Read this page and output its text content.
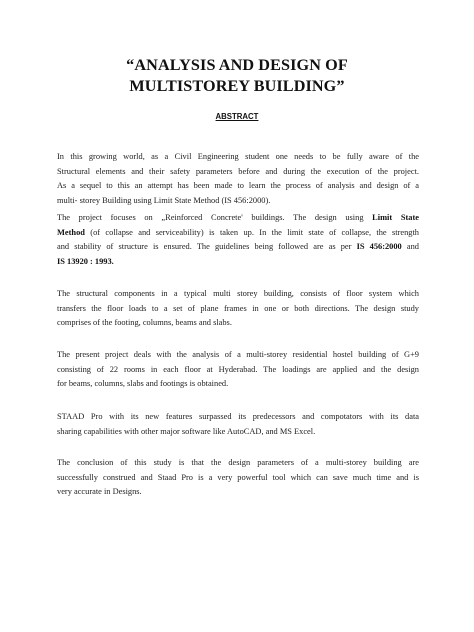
“ANALYSIS AND DESIGN OF
MULTISTOREY BUILDING”
ABSTRACT
In this growing world, as a Civil Engineering student one needs to be fully aware of the
Structural elements and their safety parameters before and during the execution of the project.
As a sequel to this an attempt has been made to learn the process of analysis and design of a
multi- storey Building using Limit State Method (IS 456:2000).
The project focuses on „Reinforced Concrete' buildings. The design using Limit State
Method (of collapse and serviceability) is taken up. In the limit state of collapse, the strength
and stability of structure is ensured. The guidelines being followed are as per IS 456:2000 and
IS 13920 : 1993.
The structural components in a typical multi storey building, consists of floor system which
transfers the floor loads to a set of plane frames in one or both directions. The design study
comprises of the footing, columns, beams and slabs.
The present project deals with the analysis of a multi-storey residential hostel building of G+9
consisting of 22 rooms in each floor at Hyderabad. The loadings are applied and the design
for beams, columns, slabs and footings is obtained.
STAAD Pro with its new features surpassed its predecessors and compotators with its data
sharing capabilities with other major software like AutoCAD, and MS Excel.
The conclusion of this study is that the design parameters of a multi-storey building are
successfully construed and Staad Pro is a very powerful tool which can save much time and is
very accurate in Designs.
